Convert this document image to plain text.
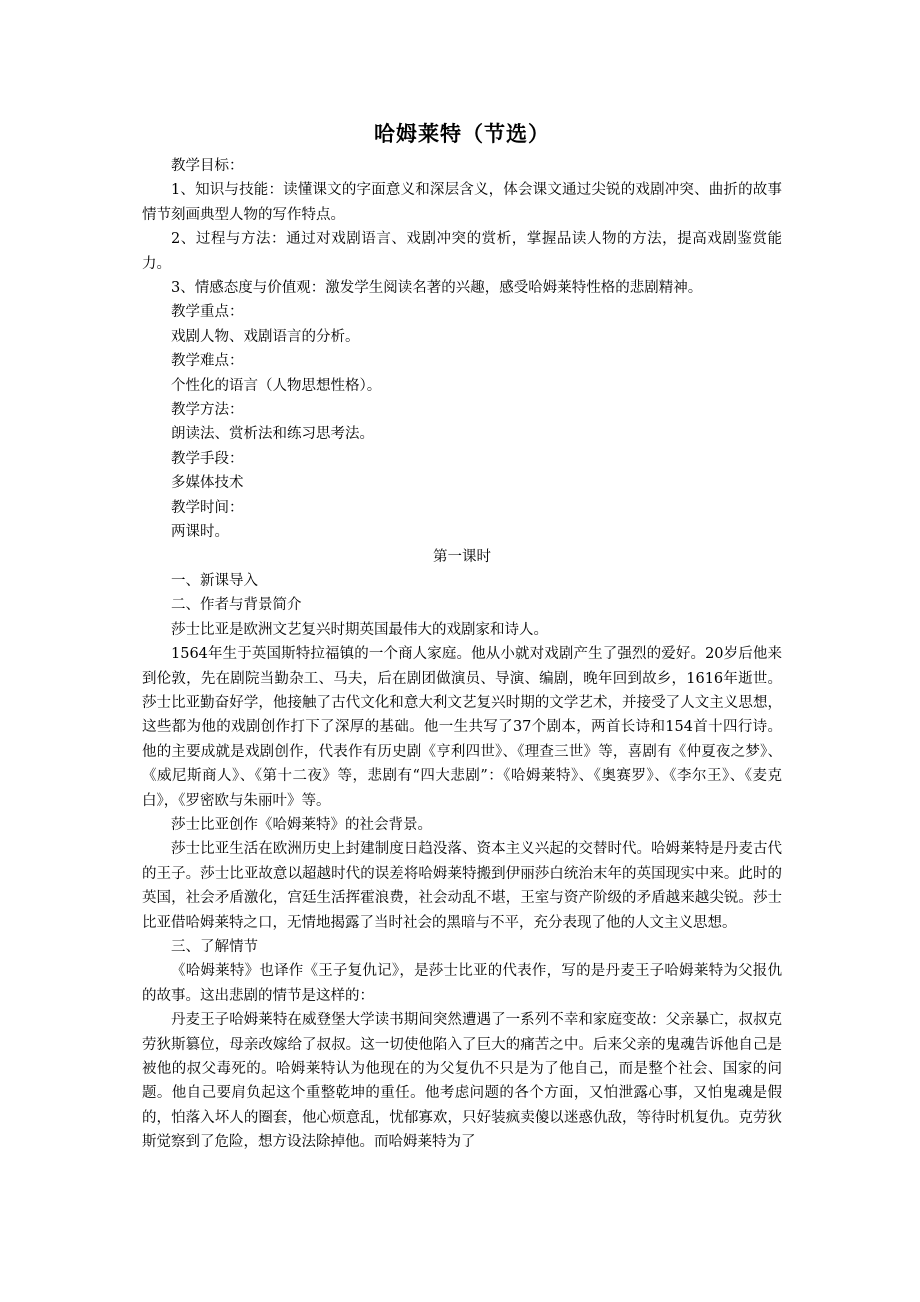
哈姆莱特（节选）

教学目标：

1、知识与技能：读懂课文的字面意义和深层含义，体会课文通过尖锐的戏剧冲突、曲折的故事情节刻画典型人物的写作特点。

2、过程与方法：通过对戏剧语言、戏剧冲突的赏析，掌握品读人物的方法，提高戏剧鉴赏能力。

3、情感态度与价值观：激发学生阅读名著的兴趣，感受哈姆莱特性格的悲剧精神。

教学重点：

戏剧人物、戏剧语言的分析。

教学难点：

个性化的语言（人物思想性格）。

教学方法：

朗读法、赏析法和练习思考法。

教学手段：

多媒体技术

教学时间：

两课时。

第一课时

一、新课导入

二、作者与背景简介

莎士比亚是欧洲文艺复兴时期英国最伟大的戏剧家和诗人。

1564年生于英国斯特拉福镇的一个商人家庭。他从小就对戏剧产生了强烈的爱好。20岁后他来到伦敦，先在剧院当勤杂工、马夫，后在剧团做演员、导演、编剧，晚年回到故乡，1616年逝世。莎士比亚勤奋好学，他接触了古代文化和意大利文艺复兴时期的文学艺术，并接受了人文主义思想，这些都为他的戏剧创作打下了深厚的基础。他一生共写了37个剧本，两首长诗和154首十四行诗。他的主要成就是戏剧创作，代表作有历史剧《亨利四世》、《理查三世》等，喜剧有《仲夏夜之梦》、《威尼斯商人》、《第十二夜》等，悲剧有“四大悲剧”：《哈姆莱特》、《奥赛罗》、《李尔王》、《麦克白》，《罗密欧与朱丽叶》等。

莎士比亚创作《哈姆莱特》的社会背景。

莎士比亚生活在欧洲历史上封建制度日趋没落、资本主义兴起的交替时代。哈姆莱特是丹麦古代的王子。莎士比亚故意以超越时代的误差将哈姆莱特搬到伊丽莎白统治末年的英国现实中来。此时的英国，社会矛盾激化，宫廷生活挥霍浪费，社会动乱不堪，王室与资产阶级的矛盾越来越尖锐。莎士比亚借哈姆莱特之口，无情地揭露了当时社会的黑暗与不平，充分表现了他的人文主义思想。

三、了解情节

《哈姆莱特》也译作《王子复仇记》，是莎士比亚的代表作，写的是丹麦王子哈姆莱特为父报仇的故事。这出悲剧的情节是这样的：

丹麦王子哈姆莱特在威登堡大学读书期间突然遭遇了一系列不幸和家庭变故：父亲暴亡，叔叔克劳狄斯篡位，母亲改嫁给了叔叔。这一切使他陷入了巨大的痛苦之中。后来父亲的鬼魂告诉他自己是被他的叔父毒死的。哈姆莱特认为他现在的为父复仇不只是为了他自己，而是整个社会、国家的问题。他自己要肩负起这个重整乾坤的重任。他考虑问题的各个方面，又怕泄露心事，又怕鬼魂是假的，怕落入坏人的圈套，他心烦意乱，忧郁寡欢，只好装疯卖傻以迷惑仇敌，等待时机复仇。克劳狄斯觉察到了危险，想方设法除掉他。而哈姆莱特为了
